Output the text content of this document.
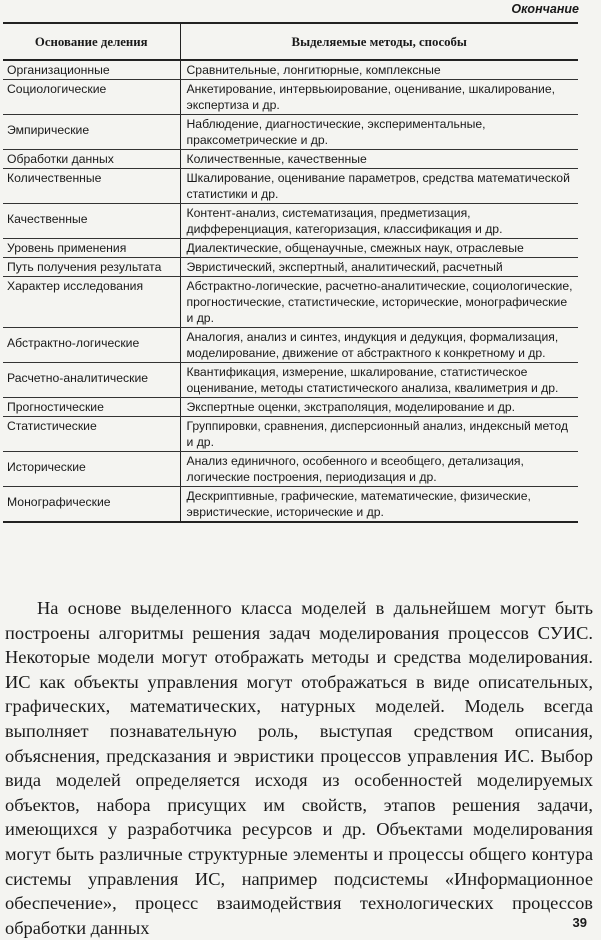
Окончание
Основание деления	Выделяемые методы, способы
Организационные	Сравнительные, лонгитюрные, комплексные
Социологические	Анкетирование, интервьюирование, оценивание, шкалирование, экспертиза и др.
Эмпирические	Наблюдение, диагностические, экспериментальные, праксометрические и др.
Обработки данных	Количественные, качественные
Количественные	Шкалирование, оценивание параметров, средства математической статистики и др.
Качественные	Контент-анализ, систематизация, предметизация, дифференциация, категоризация, классификация и др.
Уровень применения	Диалектические, общенаучные, смежных наук, отраслевые
Путь получения результата	Эвристический, экспертный, аналитический, расчетный
Характер исследования	Абстрактно-логические, расчетно-аналитические, социологические, прогностические, статистические, исторические, монографические и др.
Абстрактно-логические	Аналогия, анализ и синтез, индукция и дедукция, формализация, моделирование, движение от абстрактного к конкретному и др.
Расчетно-аналитические	Квантификация, измерение, шкалирование, статистическое оценивание, методы статистического анализа, квалиметрия и др.
Прогностические	Экспертные оценки, экстраполяция, моделирование и др.
Статистические	Группировки, сравнения, дисперсионный анализ, индексный метод и др.
Исторические	Анализ единичного, особенного и всеобщего, детализация, логические построения, периодизация и др.
Монографические	Дескриптивные, графические, математические, физические, эвристические, исторические и др.

На основе выделенного класса моделей в дальнейшем могут быть построены алгоритмы решения задач моделирования процессов СУИС. Некоторые модели могут отображать методы и средства моделирования. ИС как объекты управления могут отображаться в виде описательных, графических, математических, натурных моделей. Модель всегда выполняет познавательную роль, выступая средством описания, объяснения, предсказания и эвристики процессов управления ИС. Выбор вида моделей определяется исходя из особенностей моделируемых объектов, набора присущих им свойств, этапов решения задачи, имеющихся у разработчика ресурсов и др. Объектами моделирования могут быть различные структурные элементы и процессы общего контура системы управления ИС, например подсистемы «Информационное обеспечение», процесс взаимодействия технологических процессов обработки данных	39
